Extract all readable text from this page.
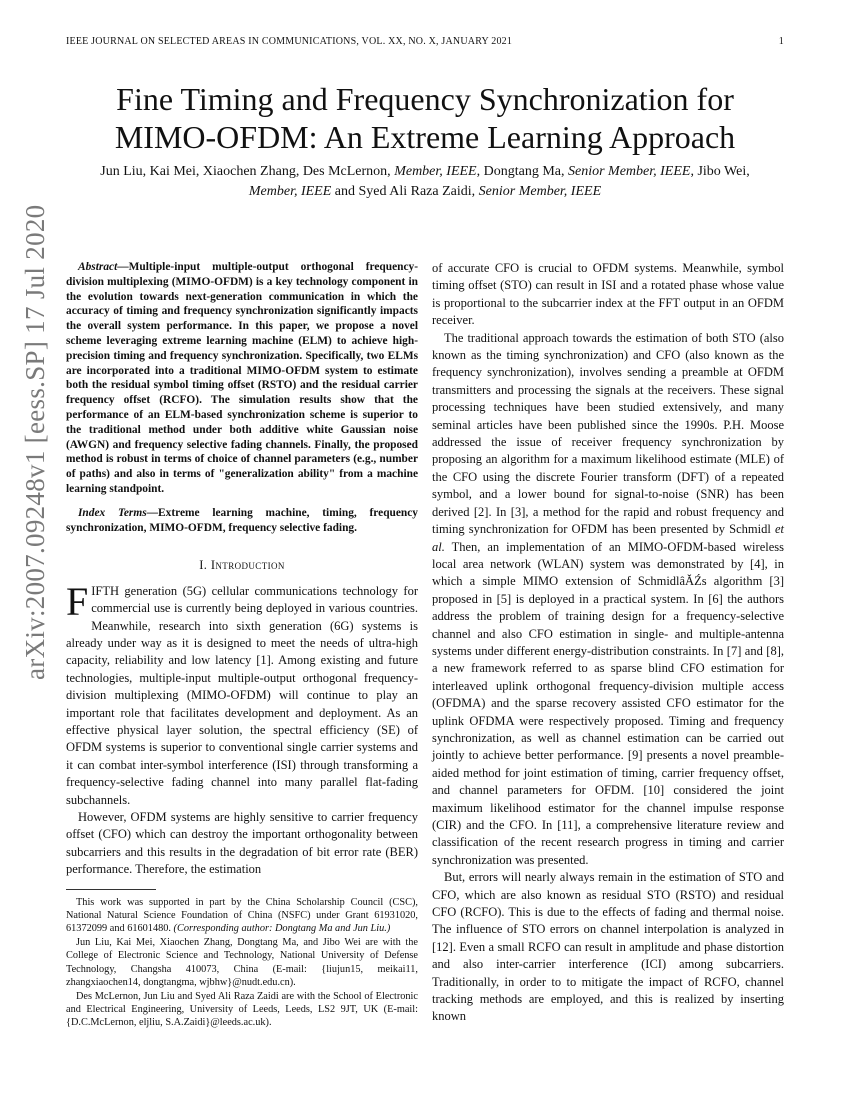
IEEE JOURNAL ON SELECTED AREAS IN COMMUNICATIONS, VOL. XX, NO. X, JANUARY 2021	1
arXiv:2007.09248v1 [eess.SP] 17 Jul 2020
Fine Timing and Frequency Synchronization for
MIMO-OFDM: An Extreme Learning Approach
Jun Liu, Kai Mei, Xiaochen Zhang, Des McLernon, Member, IEEE, Dongtang Ma, Senior Member, IEEE, Jibo Wei, Member, IEEE and Syed Ali Raza Zaidi, Senior Member, IEEE

Abstract—Multiple-input multiple-output orthogonal frequency-division multiplexing (MIMO-OFDM) is a key technology component in the evolution towards next-generation communication in which the accuracy of timing and frequency synchronization significantly impacts the overall system performance. In this paper, we propose a novel scheme leveraging extreme learning machine (ELM) to achieve high-precision timing and frequency synchronization. Specifically, two ELMs are incorporated into a traditional MIMO-OFDM system to estimate both the residual symbol timing offset (RSTO) and the residual carrier frequency offset (RCFO). The simulation results show that the performance of an ELM-based synchronization scheme is superior to the traditional method under both additive white Gaussian noise (AWGN) and frequency selective fading channels. Finally, the proposed method is robust in terms of choice of channel parameters (e.g., number of paths) and also in terms of "generalization ability" from a machine learning standpoint.

Index Terms—Extreme learning machine, timing, frequency synchronization, MIMO-OFDM, frequency selective fading.

I. Introduction

FIFTH generation (5G) cellular communications technology for commercial use is currently being deployed in various countries. Meanwhile, research into sixth generation (6G) systems is already under way as it is designed to meet the needs of ultra-high capacity, reliability and low latency [1]. Among existing and future technologies, multiple-input multiple-output orthogonal frequency-division multiplexing (MIMO-OFDM) will continue to play an important role that facilitates development and deployment. As an effective physical layer solution, the spectral efficiency (SE) of OFDM systems is superior to conventional single carrier systems and it can combat inter-symbol interference (ISI) through transforming a frequency-selective fading channel into many parallel flat-fading subchannels.

However, OFDM systems are highly sensitive to carrier frequency offset (CFO) which can destroy the important orthogonality between subcarriers and this results in the degradation of bit error rate (BER) performance. Therefore, the estimation

This work was supported in part by the China Scholarship Council (CSC), National Natural Science Foundation of China (NSFC) under Grant 61931020, 61372099 and 61601480. (Corresponding author: Dongtang Ma and Jun Liu.)

Jun Liu, Kai Mei, Xiaochen Zhang, Dongtang Ma, and Jibo Wei are with the College of Electronic Science and Technology, National University of Defense Technology, Changsha 410073, China (E-mail: {liujun15, meikai11, zhangxiaochen14, dongtangma, wjbhw}@nudt.edu.cn).

Des McLernon, Jun Liu and Syed Ali Raza Zaidi are with the School of Electronic and Electrical Engineering, University of Leeds, Leeds, LS2 9JT, UK (E-mail: {D.C.McLernon, eljliu, S.A.Zaidi}@leeds.ac.uk).

of accurate CFO is crucial to OFDM systems. Meanwhile, symbol timing offset (STO) can result in ISI and a rotated phase whose value is proportional to the subcarrier index at the FFT output in an OFDM receiver.

The traditional approach towards the estimation of both STO (also known as the timing synchronization) and CFO (also known as the frequency synchronization), involves sending a preamble at OFDM transmitters and processing the signals at the receivers. These signal processing techniques have been studied extensively, and many seminal articles have been published since the 1990s. P.H. Moose addressed the issue of receiver frequency synchronization by proposing an algorithm for a maximum likelihood estimate (MLE) of the CFO using the discrete Fourier transform (DFT) of a repeated symbol, and a lower bound for signal-to-noise (SNR) has been derived [2]. In [3], a method for the rapid and robust frequency and timing synchronization for OFDM has been presented by Schmidl et al. Then, an implementation of an MIMO-OFDM-based wireless local area network (WLAN) system was demonstrated by [4], in which a simple MIMO extension of SchmidlâĂŹs algorithm [3] proposed in [5] is deployed in a practical system. In [6] the authors address the problem of training design for a frequency-selective channel and also CFO estimation in single- and multiple-antenna systems under different energy-distribution constraints. In [7] and [8], a new framework referred to as sparse blind CFO estimation for interleaved uplink orthogonal frequency-division multiple access (OFDMA) and the sparse recovery assisted CFO estimator for the uplink OFDMA were respectively proposed. Timing and frequency synchronization, as well as channel estimation can be carried out jointly to achieve better performance. [9] presents a novel preamble-aided method for joint estimation of timing, carrier frequency offset, and channel parameters for OFDM. [10] considered the joint maximum likelihood estimator for the channel impulse response (CIR) and the CFO. In [11], a comprehensive literature review and classification of the recent research progress in timing and carrier synchronization was presented.

But, errors will nearly always remain in the estimation of STO and CFO, which are also known as residual STO (RSTO) and residual CFO (RCFO). This is due to the effects of fading and thermal noise. The influence of STO errors on channel interpolation is analyzed in [12]. Even a small RCFO can result in amplitude and phase distortion and also inter-carrier interference (ICI) among subcarriers. Traditionally, in order to to mitigate the impact of RCFO, channel tracking methods are employed, and this is realized by inserting known
